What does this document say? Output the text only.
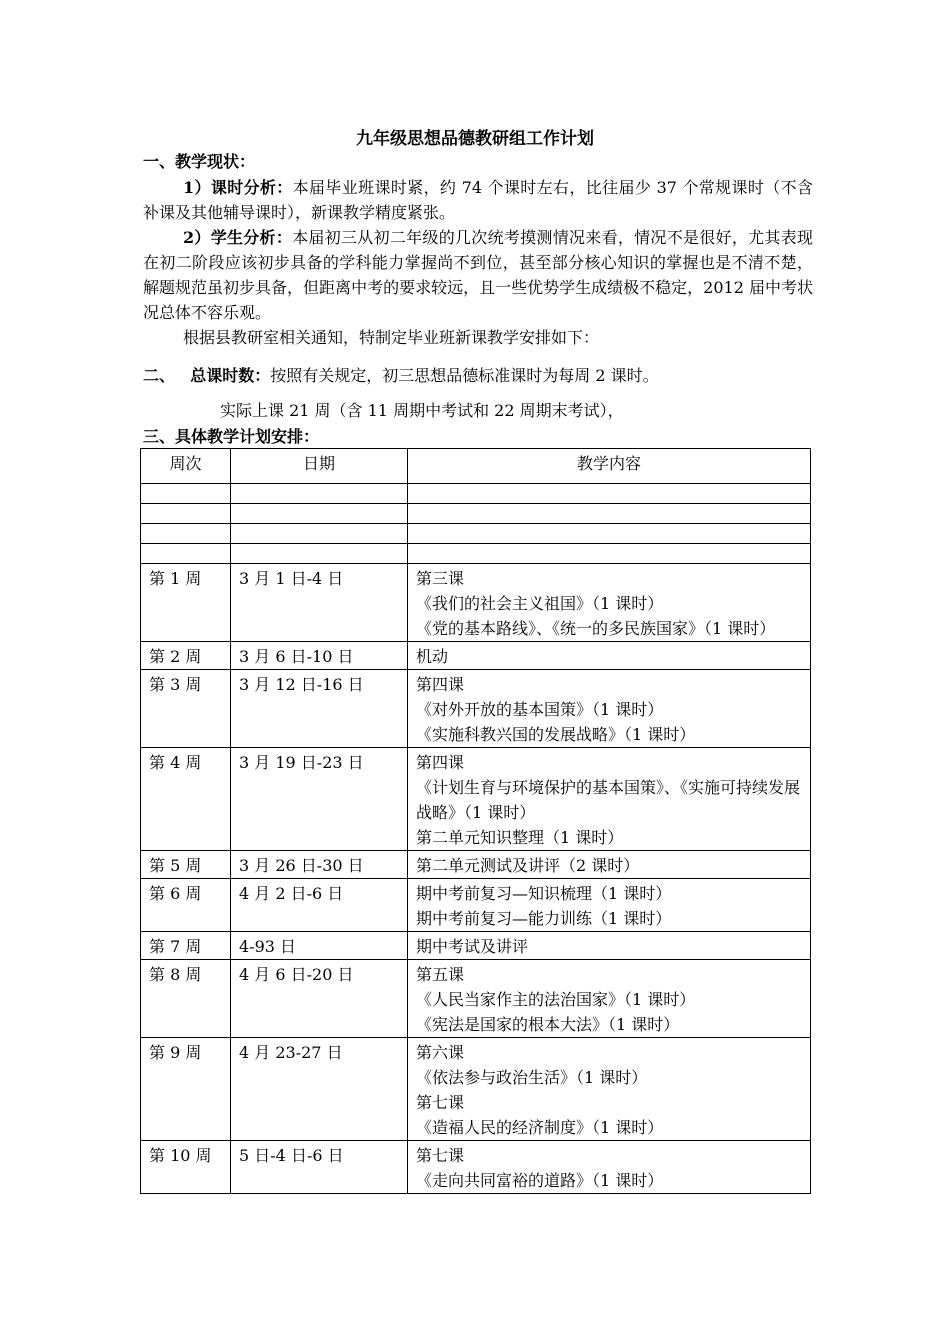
九年级思想品德教研组工作计划
一、教学现状：
1）课时分析：本届毕业班课时紧，约 74 个课时左右，比往届少 37 个常规课时（不含补课及其他辅导课时），新课教学精度紧张。
2）学生分析：本届初三从初二年级的几次统考摸测情况来看，情况不是很好，尤其表现在初二阶段应该初步具备的学科能力掌握尚不到位，甚至部分核心知识的掌握也是不清不楚，解题规范虽初步具备，但距离中考的要求较远，且一些优势学生成绩极不稳定，2012 届中考状况总体不容乐观。
根据县教研室相关通知，特制定毕业班新课教学安排如下：
二、 总课时数：按照有关规定，初三思想品德标准课时为每周 2 课时。
实际上课 21 周（含 11 周期中考试和 22 周期末考试），
三、具体教学计划安排：
周次	日期	教学内容

第 1 周	3 月 1 日-4 日	第三课
《我们的社会主义祖国》（1 课时）
《党的基本路线》、《统一的多民族国家》（1 课时）

第 2 周	3 月 6 日-10 日	机动

第 3 周	3 月 12 日-16 日	第四课
《对外开放的基本国策》（1 课时）
《实施科教兴国的发展战略》（1 课时）

第 4 周	3 月 19 日-23 日	第四课
《计划生育与环境保护的基本国策》、《实施可持续发展战略》（1 课时）
第二单元知识整理（1 课时）

第 5 周	3 月 26 日-30 日	第二单元测试及讲评（2 课时）

第 6 周	4 月 2 日-6 日	期中考前复习—知识梳理（1 课时）
期中考前复习—能力训练（1 课时）

第 7 周	4-93 日	期中考试及讲评

第 8 周	4 月 6 日-20 日	第五课
《人民当家作主的法治国家》（1 课时）
《宪法是国家的根本大法》（1 课时）

第 9 周	4 月 23-27 日	第六课
《依法参与政治生活》（1 课时）
第七课
《造福人民的经济制度》（1 课时）

第 10 周	5 日-4 日-6 日	第七课
《走向共同富裕的道路》（1 课时）
